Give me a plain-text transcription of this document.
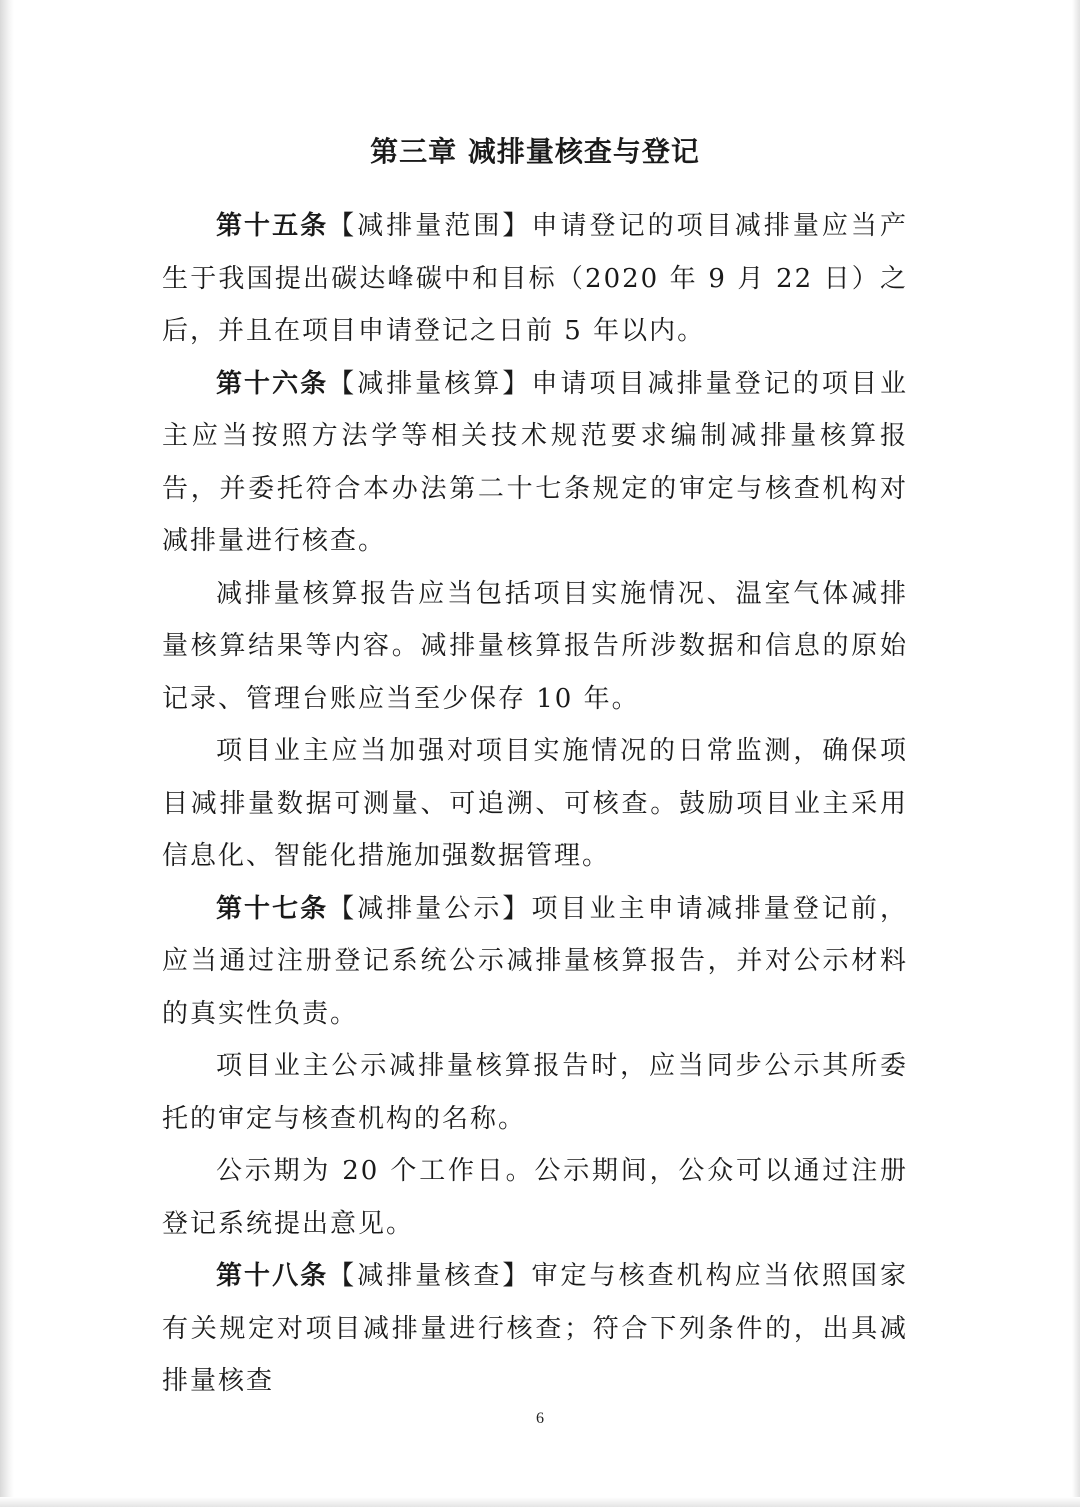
第三章 减排量核查与登记

第十五条【减排量范围】申请登记的项目减排量应当产生于我国提出碳达峰碳中和目标（2020 年 9 月 22 日）之后，并且在项目申请登记之日前 5 年以内。

第十六条【减排量核算】申请项目减排量登记的项目业主应当按照方法学等相关技术规范要求编制减排量核算报告，并委托符合本办法第二十七条规定的审定与核查机构对减排量进行核查。

减排量核算报告应当包括项目实施情况、温室气体减排量核算结果等内容。减排量核算报告所涉数据和信息的原始记录、管理台账应当至少保存 10 年。

项目业主应当加强对项目实施情况的日常监测，确保项目减排量数据可测量、可追溯、可核查。鼓励项目业主采用信息化、智能化措施加强数据管理。

第十七条【减排量公示】项目业主申请减排量登记前，应当通过注册登记系统公示减排量核算报告，并对公示材料的真实性负责。

项目业主公示减排量核算报告时，应当同步公示其所委托的审定与核查机构的名称。

公示期为 20 个工作日。公示期间，公众可以通过注册登记系统提出意见。

第十八条【减排量核查】审定与核查机构应当依照国家有关规定对项目减排量进行核查；符合下列条件的，出具减排量核查

6
